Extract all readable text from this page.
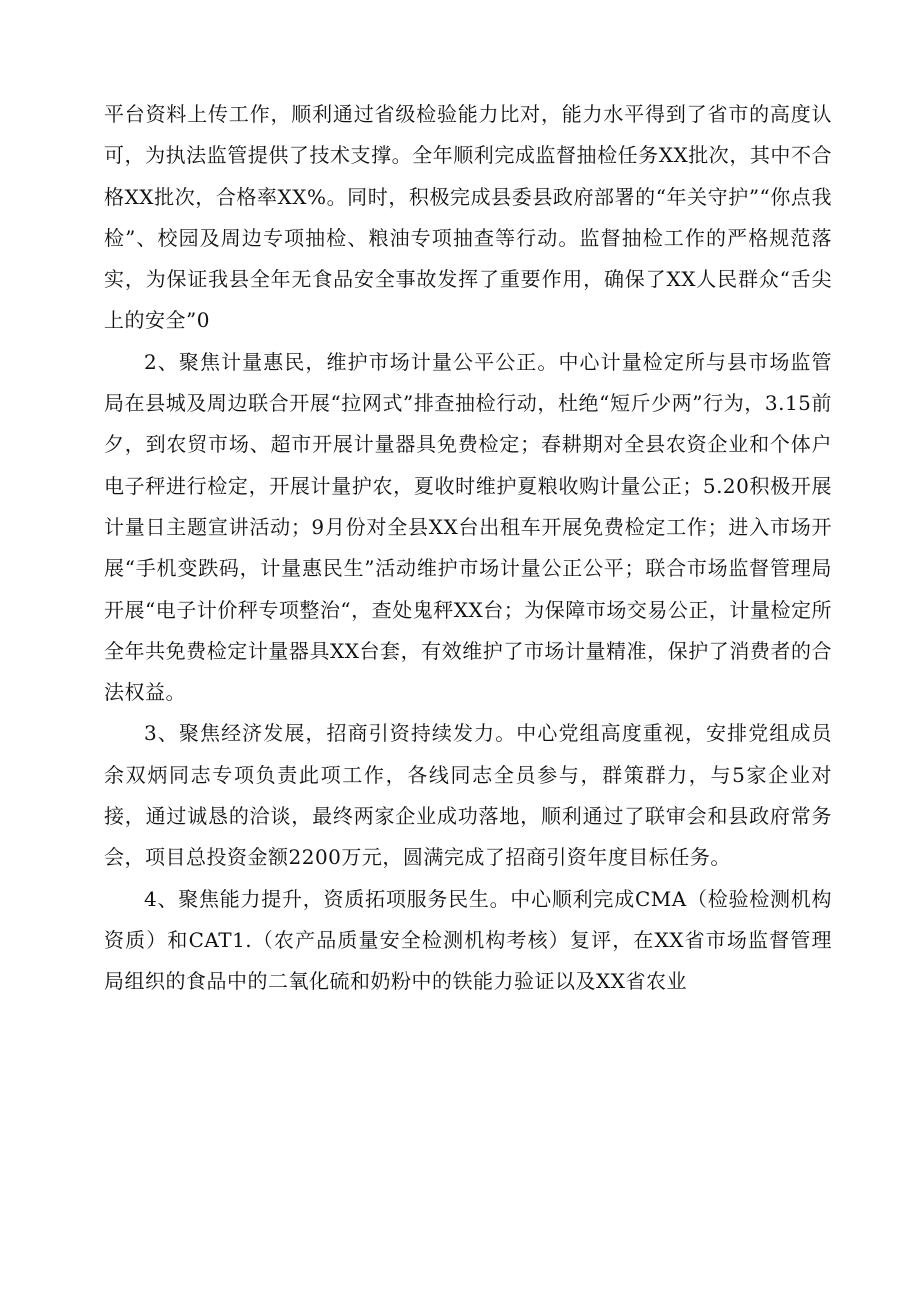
平台资料上传工作，顺利通过省级检验能力比对，能力水平得到了省市的高度认可，为执法监管提供了技术支撑。全年顺利完成监督抽检任务XX批次，其中不合格XX批次，合格率XX%。同时，积极完成县委县政府部署的“年关守护”“你点我检”、校园及周边专项抽检、粮油专项抽查等行动。监督抽检工作的严格规范落实，为保证我县全年无食品安全事故发挥了重要作用，确保了XX人民群众“舌尖上的安全”0

2、聚焦计量惠民，维护市场计量公平公正。中心计量检定所与县市场监管局在县城及周边联合开展“拉网式”排查抽检行动，杜绝“短斤少两”行为，3.15前夕，到农贸市场、超市开展计量器具免费检定；春耕期对全县农资企业和个体户电子秤进行检定，开展计量护农，夏收时维护夏粮收购计量公正；5.20积极开展计量日主题宣讲活动；9月份对全县XX台出租车开展免费检定工作；进入市场开展“手机变跌码，计量惠民生”活动维护市场计量公正公平；联合市场监督管理局开展“电子计价秤专项整治“，查处鬼秤XX台；为保障市场交易公正，计量检定所全年共免费检定计量器具XX台套，有效维护了市场计量精准，保护了消费者的合法权益。

3、聚焦经济发展，招商引资持续发力。中心党组高度重视，安排党组成员余双炳同志专项负责此项工作，各线同志全员参与，群策群力，与5家企业对接，通过诚恳的洽谈，最终两家企业成功落地，顺利通过了联审会和县政府常务会，项目总投资金额2200万元，圆满完成了招商引资年度目标任务。

4、聚焦能力提升，资质拓项服务民生。中心顺利完成CMA（检验检测机构资质）和CAT1.（农产品质量安全检测机构考核）复评，在XX省市场监督管理局组织的食品中的二氧化硫和奶粉中的铁能力验证以及XX省农业
